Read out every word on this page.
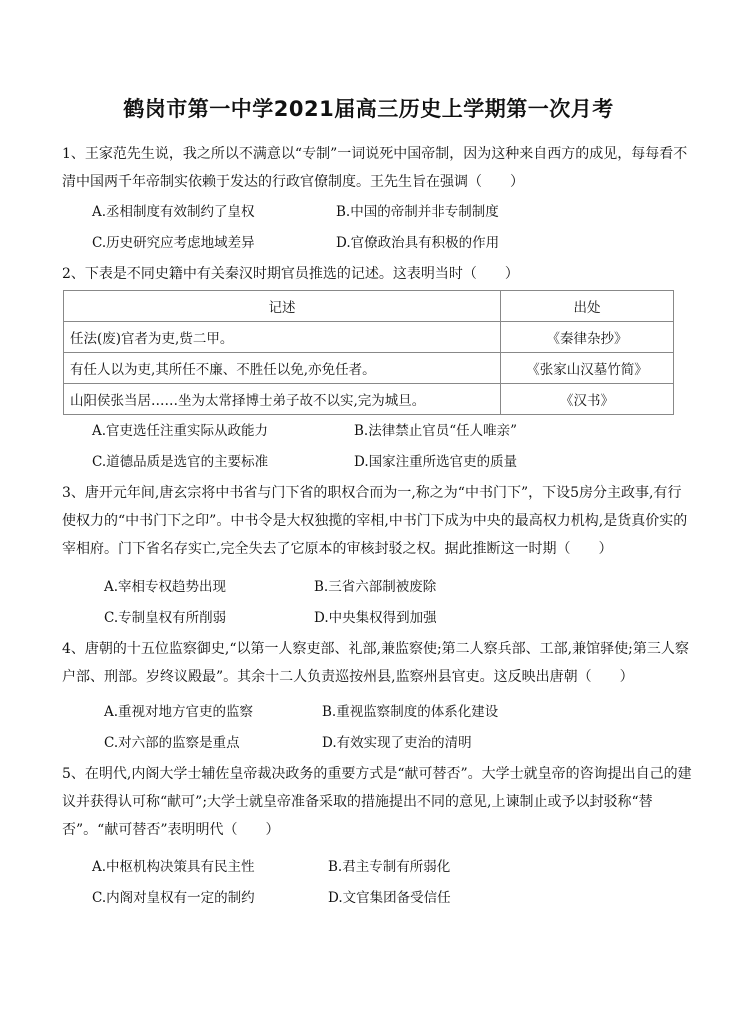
鹤岗市第一中学2021届高三历史上学期第一次月考
1、王家范先生说，我之所以不满意以“专制”一词说死中国帝制，因为这种来自西方的成见，每每看不清中国两千年帝制实依赖于发达的行政官僚制度。王先生旨在强调（　　）
A.丞相制度有效制约了皇权	B.中国的帝制并非专制制度
C.历史研究应考虑地域差异	D.官僚政治具有积极的作用
2、下表是不同史籍中有关秦汉时期官员推选的记述。这表明当时（　　）
记述	出处
任法(废)官者为吏,赀二甲。	《秦律杂抄》
有任人以为吏,其所任不廉、不胜任以免,亦免任者。	《张家山汉墓竹简》
山阳侯张当居……坐为太常择博士弟子故不以实,完为城旦。	《汉书》
A.官吏选任注重实际从政能力	B.法律禁止官员“任人唯亲”
C.道德品质是选官的主要标准	D.国家注重所选官吏的质量
3、唐开元年间,唐玄宗将中书省与门下省的职权合而为一,称之为“中书门下”，下设5房分主政事,有行使权力的“中书门下之印”。中书令是大权独揽的宰相,中书门下成为中央的最高权力机构,是货真价实的宰相府。门下省名存实亡,完全失去了它原本的审核封驳之权。据此推断这一时期（　　）
A.宰相专权趋势出现	B.三省六部制被废除
C.专制皇权有所削弱	D.中央集权得到加强
4、唐朝的十五位监察御史,“以第一人察吏部、礼部,兼监察使;第二人察兵部、工部,兼馆驿使;第三人察户部、刑部。岁终议殿最”。其余十二人负责巡按州县,监察州县官吏。这反映出唐朝（　　）
A.重视对地方官吏的监察	B.重视监察制度的体系化建设
C.对六部的监察是重点	D.有效实现了吏治的清明
5、在明代,内阁大学士辅佐皇帝裁决政务的重要方式是“献可替否”。大学士就皇帝的咨询提出自己的建议并获得认可称“献可”;大学士就皇帝准备采取的措施提出不同的意见,上谏制止或予以封驳称“替否”。“献可替否”表明明代（　　）
A.中枢机构决策具有民主性	B.君主专制有所弱化
C.内阁对皇权有一定的制约	D.文官集团备受信任
